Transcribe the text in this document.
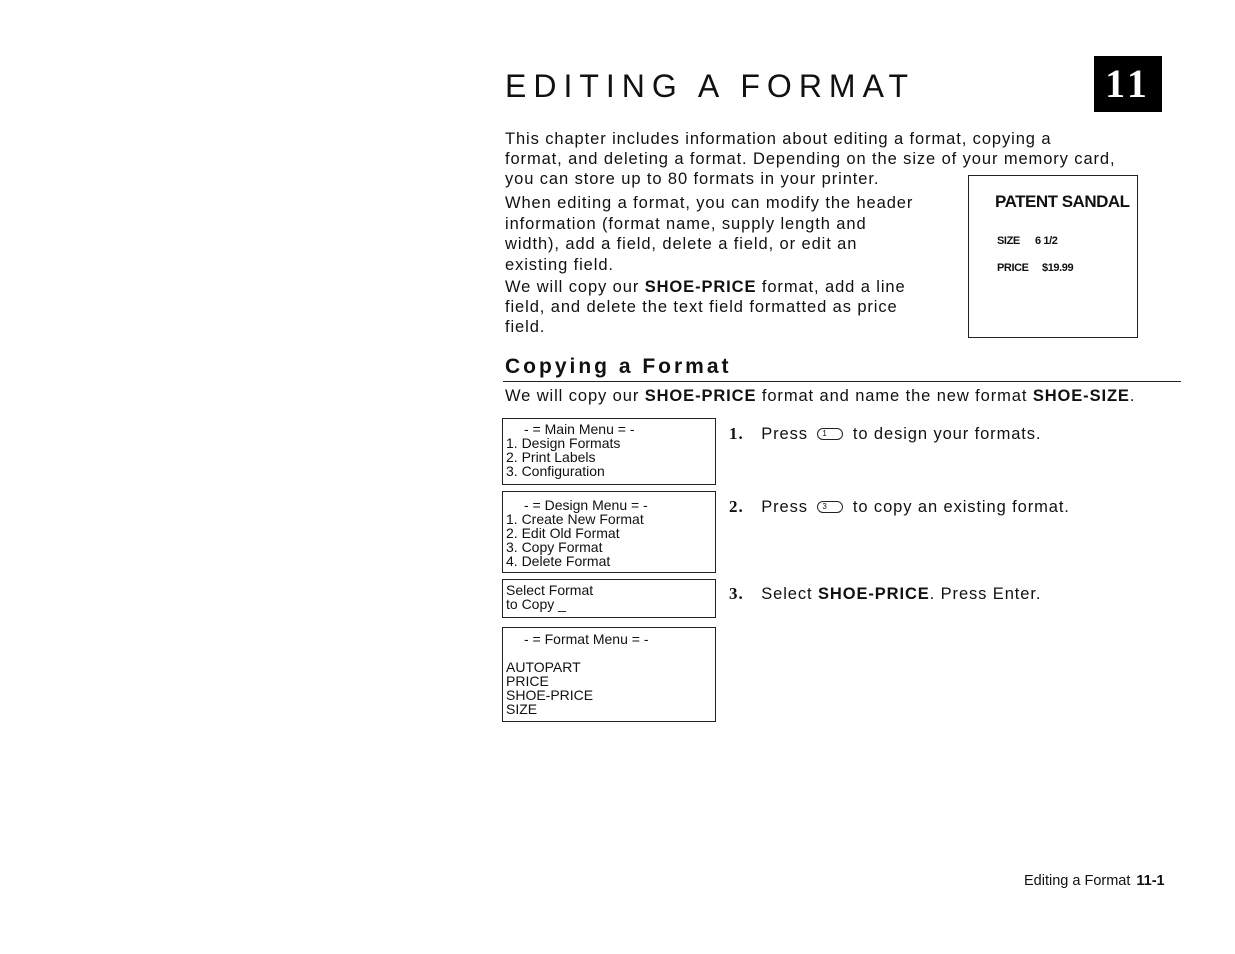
EDITING A FORMAT	11
This chapter includes information about editing a format, copying a
format, and deleting a format. Depending on the size of your memory card,
you can store up to 80 formats in your printer.
When editing a format, you can modify the header
information (format name, supply length and
width), add a field, delete a field, or edit an
existing field.
We will copy our SHOE-PRICE format, add a line
field, and delete the text field formatted as price
field.
PATENT SANDAL
SIZE 6 1/2
PRICE $19.99
Copying a Format
We will copy our SHOE-PRICE format and name the new format SHOE-SIZE.
- = Main Menu = -
1. Design Formats
2. Print Labels
3. Configuration
- = Design Menu = -
1. Create New Format
2. Edit Old Format
3. Copy Format
4. Delete Format
Select Format
to Copy _
- = Format Menu = -
AUTOPART
PRICE
SHOE-PRICE
SIZE
1. Press 1 to design your formats.
2. Press 3 to copy an existing format.
3. Select SHOE-PRICE. Press Enter.
Editing a Format 11-1
